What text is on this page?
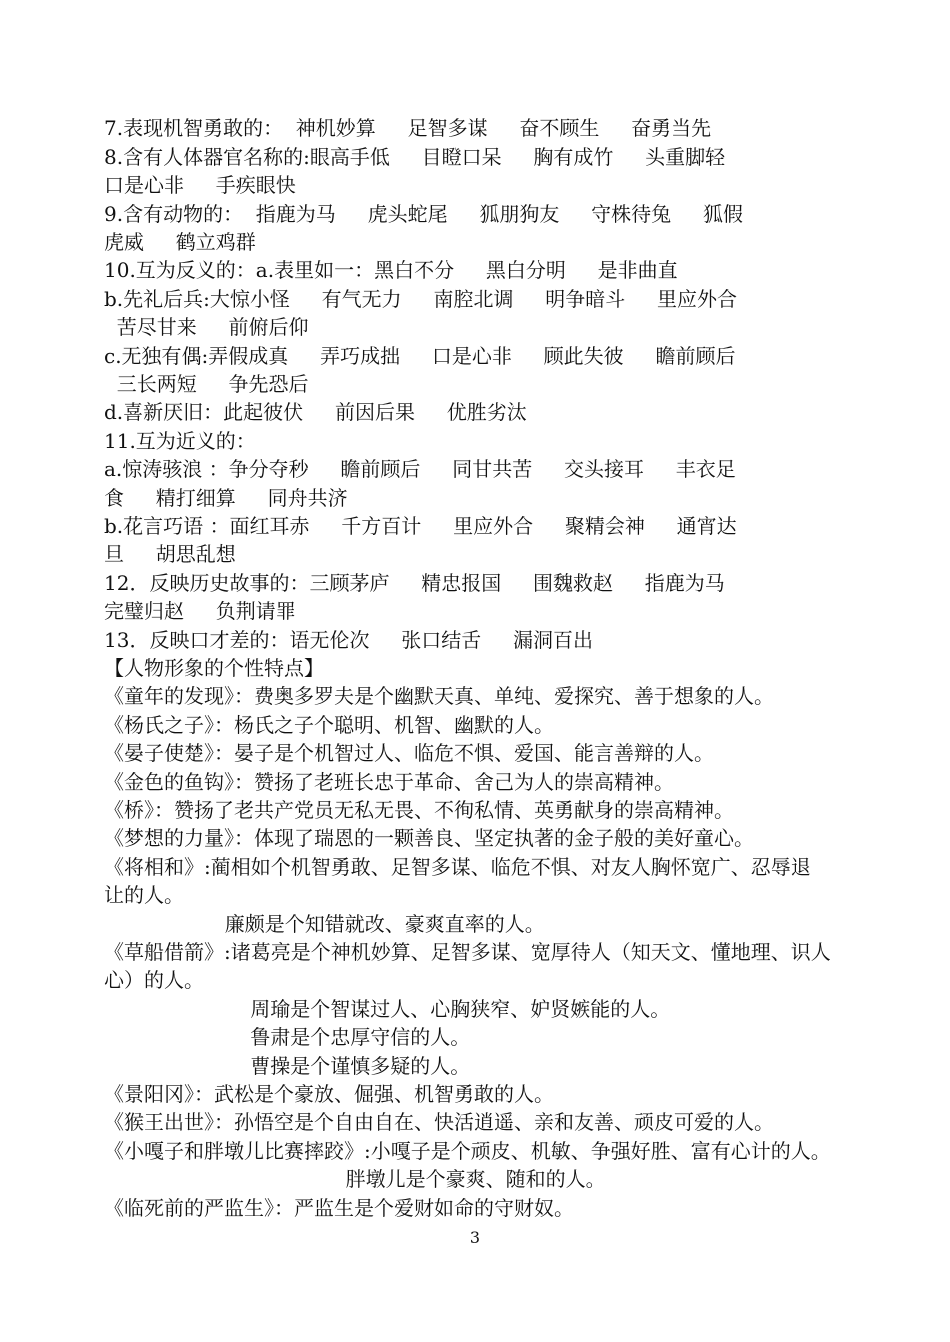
7.表现机智勇敢的：  神机妙算     足智多谋     奋不顾生     奋勇当先
8.含有人体器官名称的:眼高手低     目瞪口呆     胸有成竹     头重脚轻
口是心非     手疾眼快
9.含有动物的：  指鹿为马     虎头蛇尾     狐朋狗友     守株待兔     狐假
虎威     鹤立鸡群
10.互为反义的：a.表里如一：黑白不分     黑白分明     是非曲直
b.先礼后兵:大惊小怪     有气无力     南腔北调     明争暗斗     里应外合
苦尽甘来     前俯后仰
c.无独有偶:弄假成真     弄巧成拙     口是心非     顾此失彼     瞻前顾后
三长两短     争先恐后
d.喜新厌旧：此起彼伏     前因后果     优胜劣汰
11.互为近义的：
a.惊涛骇浪 ：争分夺秒     瞻前顾后     同甘共苦     交头接耳     丰衣足
食     精打细算     同舟共济
b.花言巧语 ：面红耳赤     千方百计     里应外合     聚精会神     通宵达
旦     胡思乱想
12．反映历史故事的：三顾茅庐     精忠报国     围魏救赵     指鹿为马
完璧归赵     负荆请罪
13．反映口才差的：语无伦次     张口结舌     漏洞百出
【人物形象的个性特点】
《童年的发现》：费奥多罗夫是个幽默天真、单纯、爱探究、善于想象的人。
《杨氏之子》：杨氏之子个聪明、机智、幽默的人。
《晏子使楚》：晏子是个机智过人、临危不惧、爱国、能言善辩的人。
《金色的鱼钩》：赞扬了老班长忠于革命、舍己为人的崇高精神。
《桥》：赞扬了老共产党员无私无畏、不徇私情、英勇献身的崇高精神。
《梦想的力量》：体现了瑞恩的一颗善良、坚定执著的金子般的美好童心。
《将相和》:蔺相如个机智勇敢、足智多谋、临危不惧、对友人胸怀宽广、忍辱退
让的人。
廉颇是个知错就改、豪爽直率的人。
《草船借箭》:诸葛亮是个神机妙算、足智多谋、宽厚待人（知天文、懂地理、识人
心）的人。
周瑜是个智谋过人、心胸狭窄、妒贤嫉能的人。
鲁肃是个忠厚守信的人。
曹操是个谨慎多疑的人。
《景阳冈》：武松是个豪放、倔强、机智勇敢的人。
《猴王出世》：孙悟空是个自由自在、快活逍遥、亲和友善、顽皮可爱的人。
《小嘎子和胖墩儿比赛摔跤》:小嘎子是个顽皮、机敏、争强好胜、富有心计的人。
胖墩儿是个豪爽、随和的人。
《临死前的严监生》：严监生是个爱财如命的守财奴。
3
